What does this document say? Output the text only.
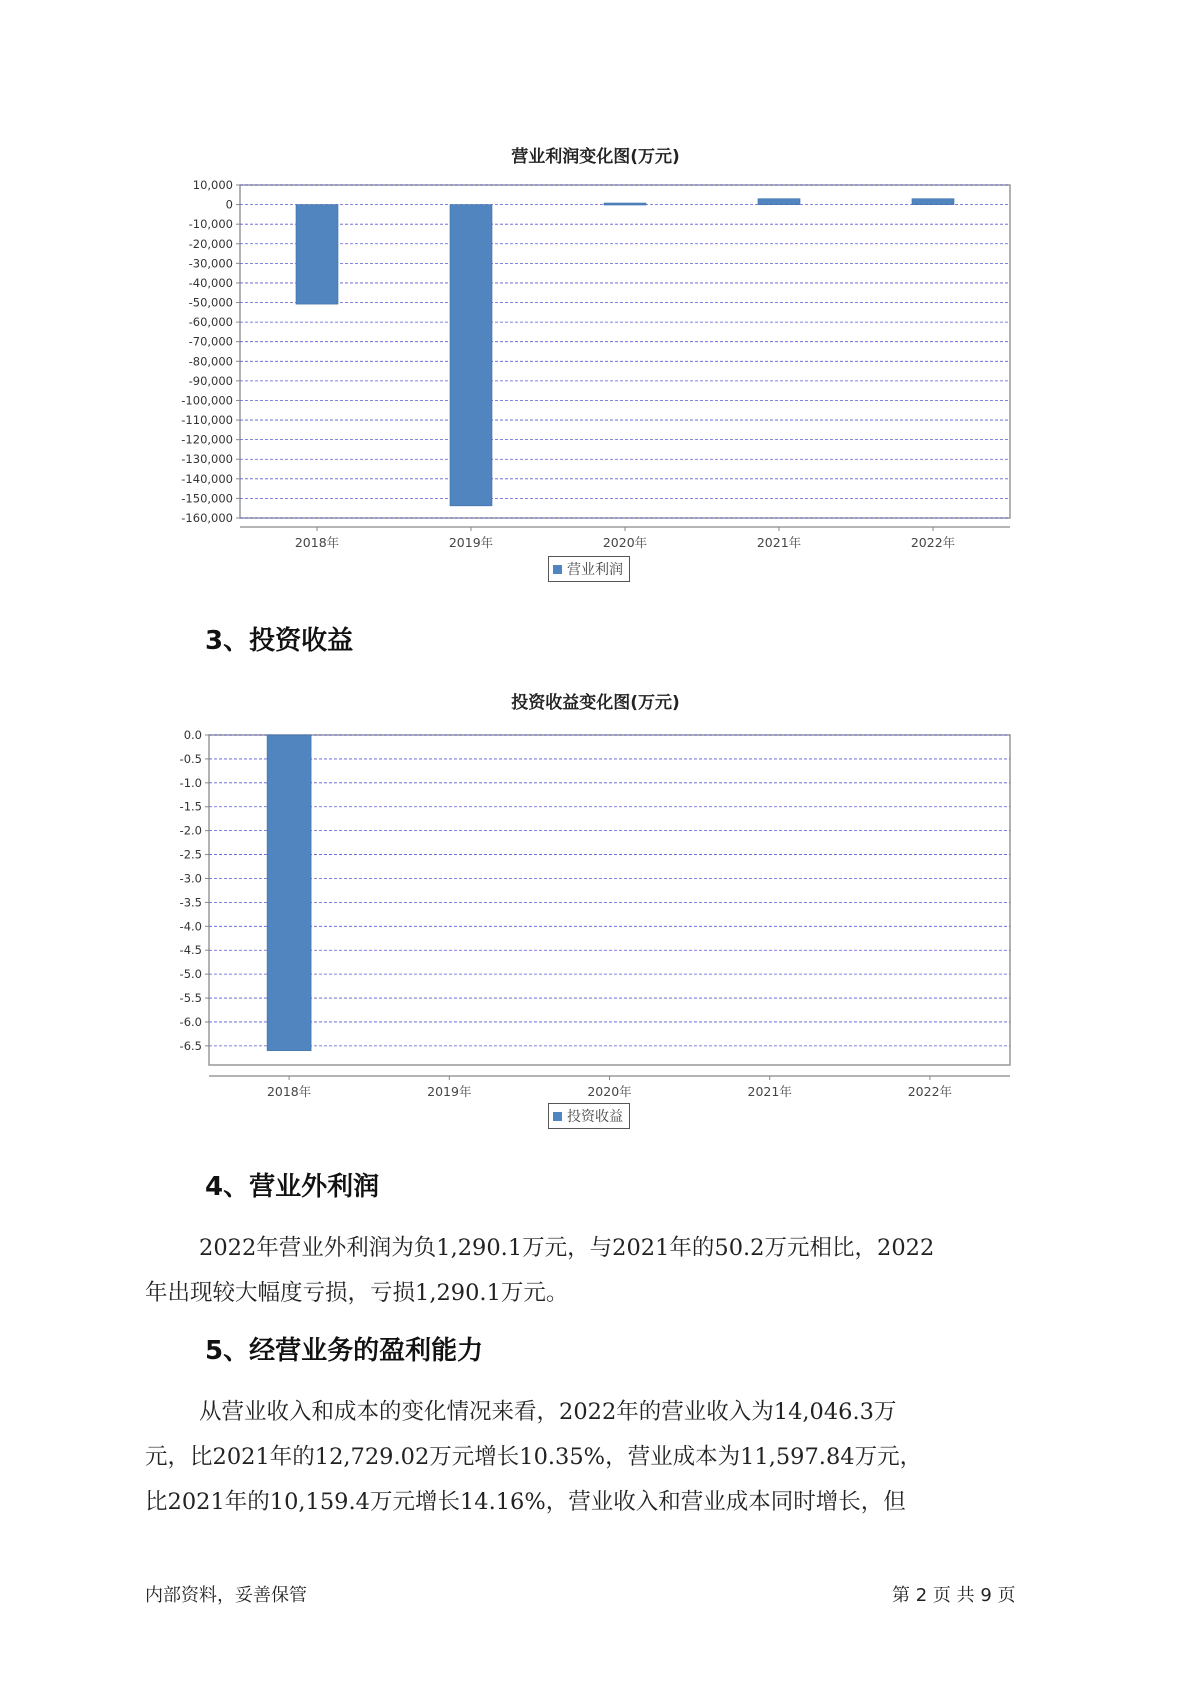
营业利润变化图(万元)
10,000
0
-10,000
-20,000
-30,000
-40,000
-50,000
-60,000
-70,000
-80,000
-90,000
-100,000
-110,000
-120,000
-130,000
-140,000
-150,000
-160,000
2018年	2019年	2020年	2021年	2022年
营业利润
3、投资收益
投资收益变化图(万元)
0.0
-0.5
-1.0
-1.5
-2.0
-2.5
-3.0
-3.5
-4.0
-4.5
-5.0
-5.5
-6.0
-6.5
2018年	2019年	2020年	2021年	2022年
投资收益
4、营业外利润
2022年营业外利润为负1,290.1万元，与2021年的50.2万元相比，2022
年出现较大幅度亏损，亏损1,290.1万元。
5、经营业务的盈利能力
从营业收入和成本的变化情况来看，2022年的营业收入为14,046.3万
元，比2021年的12,729.02万元增长10.35%，营业成本为11,597.84万元，
比2021年的10,159.4万元增长14.16%，营业收入和营业成本同时增长，但
内部资料，妥善保管	第 2 页 共 9 页
